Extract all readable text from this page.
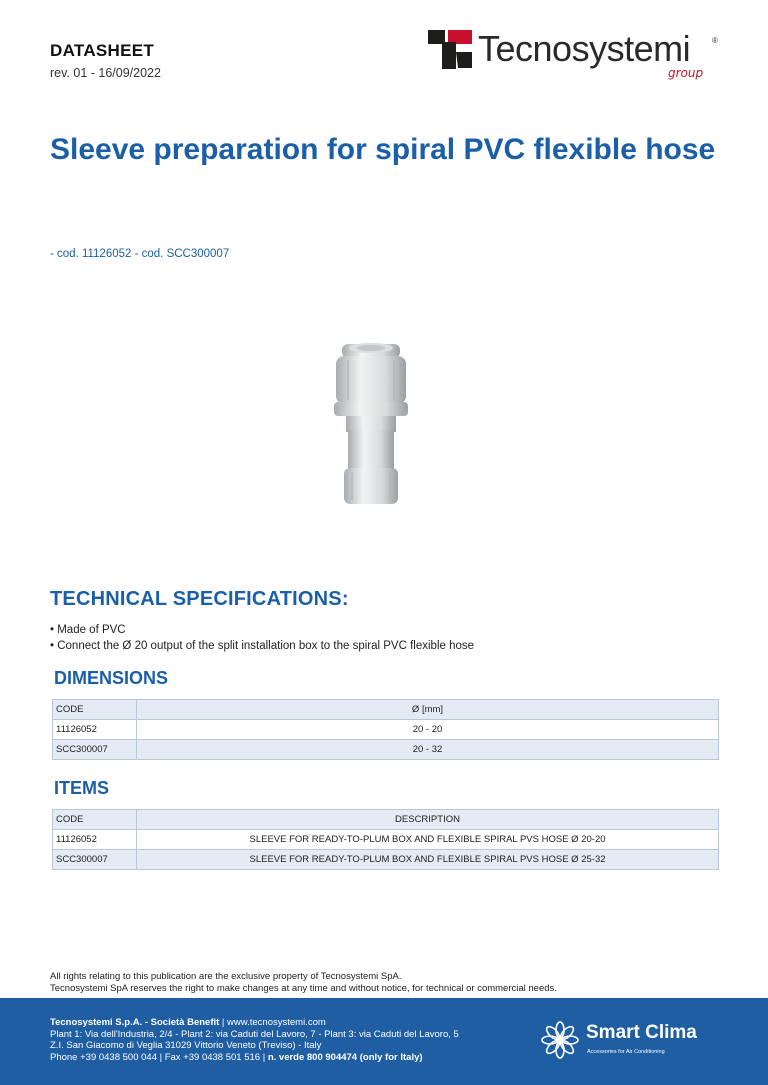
DATASHEET
rev. 01 - 16/09/2022
Tecnosystemi	®
group
Sleeve preparation for spiral PVC flexible hose
- cod. 11126052 - cod. SCC300007
TECHNICAL SPECIFICATIONS:
• Made of PVC
• Connect the Ø 20 output of the split installation box to the spiral PVC flexible hose
DIMENSIONS
CODE	Ø [mm]
11126052	20 - 20
SCC300007	20 - 32
ITEMS
CODE	DESCRIPTION
11126052	SLEEVE FOR READY-TO-PLUM BOX AND FLEXIBLE SPIRAL PVS HOSE Ø 20-20
SCC300007	SLEEVE FOR READY-TO-PLUM BOX AND FLEXIBLE SPIRAL PVS HOSE Ø 25-32
All rights relating to this publication are the exclusive property of Tecnosystemi SpA.
Tecnosystemi SpA reserves the right to make changes at any time and without notice, for technical or commercial needs.
Tecnosystemi S.p.A. - Società Benefit | www.tecnosystemi.com
Plant 1: Via dell'Industria, 2/4 - Plant 2: via Caduti del Lavoro, 7 - Plant 3: via Caduti del Lavoro, 5
Z.I. San Giacomo di Veglia 31029 Vittorio Veneto (Treviso) - Italy
Phone +39 0438 500 044 | Fax +39 0438 501 516 | n. verde 800 904474 (only for Italy)
Smart Clima
Accessories for Air Conditioning
